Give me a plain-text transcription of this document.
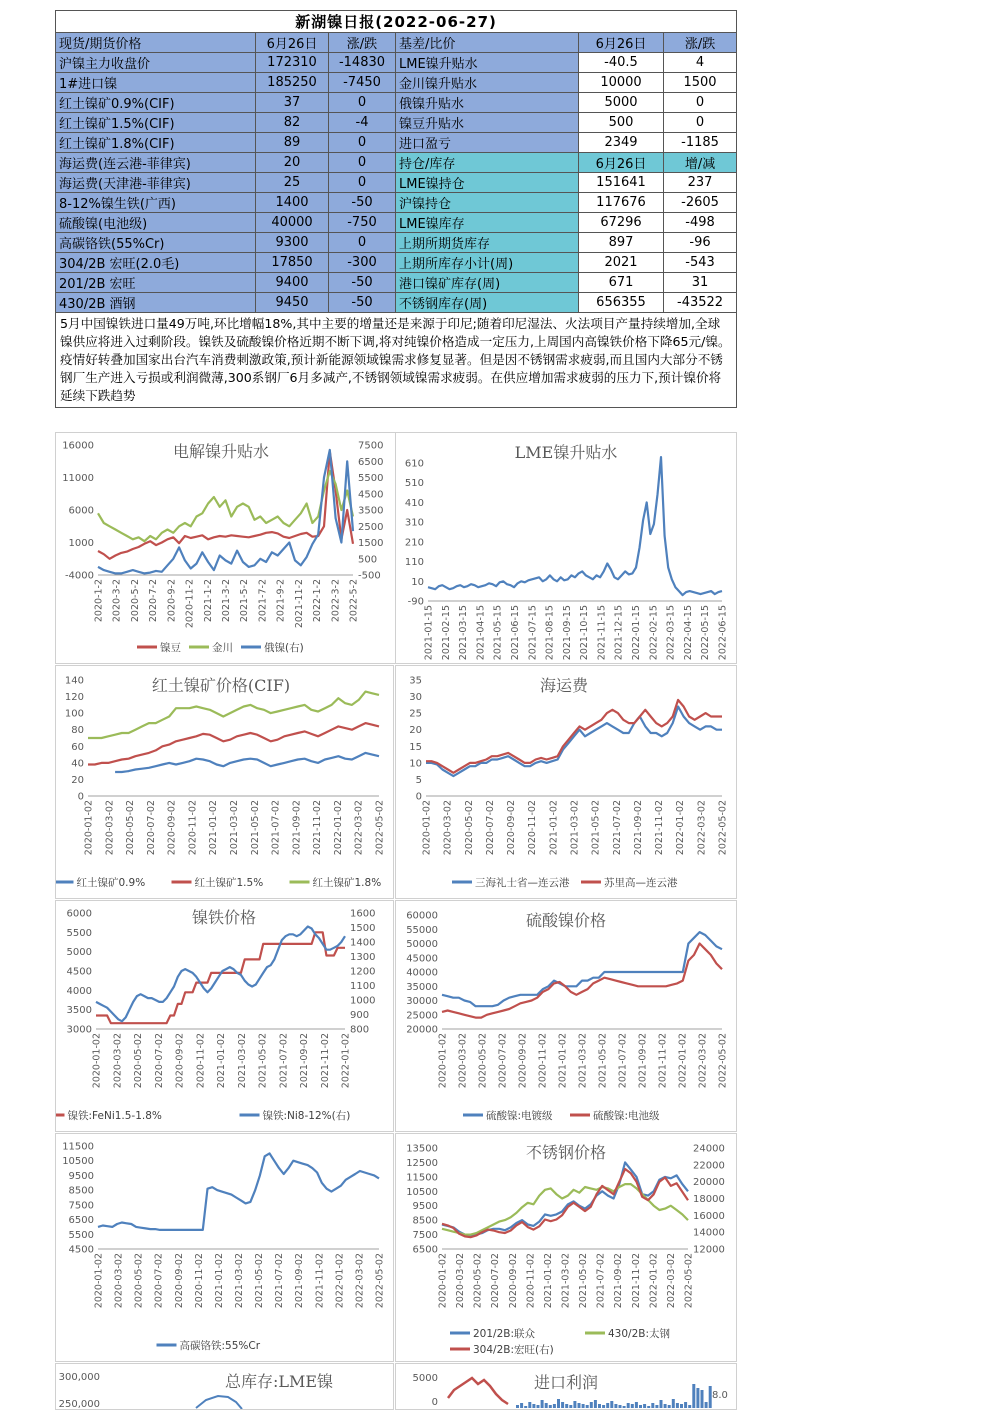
新湖镍日报(2022-06-27)					
现货/期货价格	6月26日	涨/跌	基差/比价	6月26日	涨/跌
沪镍主力收盘价	172310	-14830	LME镍升贴水	-40.5	4
1#进口镍	185250	-7450	金川镍升贴水	10000	1500
红土镍矿0.9%(CIF)	37	0	俄镍升贴水	5000	0
红土镍矿1.5%(CIF)	82	-4	镍豆升贴水	500	0
红土镍矿1.8%(CIF)	89	0	进口盈亏	2349	-1185
海运费(连云港-菲律宾)	20	0	持仓/库存	6月26日	增/减
海运费(天津港-菲律宾)	25	0	LME镍持仓	151641	237
8-12%镍生铁(广西)	1400	-50	沪镍持仓	117676	-2605
硫酸镍(电池级)	40000	-750	LME镍库存	67296	-498
高碳铬铁(55%Cr)	9300	0	上期所期货库存	897	-96
304/2B 宏旺(2.0毛)	17850	-300	上期所库存小计(周)	2021	-543
201/2B 宏旺	9400	-50	港口镍矿库存(周)	671	31
430/2B 酒钢	9450	-50	不锈钢库存(周)	656355	-43522
5月中国镍铁进口量49万吨,环比增幅18%,其中主要的增量还是来源于印尼;随着印尼湿法、火法项目产量持续增加,全球镍供应将进入过剩阶段。镍铁及硫酸镍价格近期不断下调,将对纯镍价格造成一定压力,上周国内高镍铁价格下降65元/镍。疫情好转叠加国家出台汽车消费刺激政策,预计新能源领域镍需求修复显著。但是因不锈钢需求疲弱,而且国内大部分不锈钢厂生产进入亏损或利润微薄,300系钢厂6月多减产,不锈钢领域镍需求疲弱。在供应增加需求疲弱的压力下,预计镍价将延续下跌趋势					
电解镍升贴水
-4000
1000
6000
11000
16000
-500
500
1500
2500
3500
4500
5500
6500
7500
2020-1-2 2020-3-2 2020-5-2 2020-7-2 2020-9-2 2020-11-2 2021-1-2 2021-3-2 2021-5-2 2021-7-2 2021-9-2 2021-11-2 2022-1-2 2022-3-2 2022-5-2
镍豆	金川	俄镍(右)
LME镍升贴水
-90
10
110
210
310
410
510
610
2021-01-15 2021-02-15 2021-03-15 2021-04-15 2021-05-15 2021-06-15 2021-07-15 2021-08-15 2021-09-15 2021-10-15 2021-11-15 2021-12-15 2022-01-15 2022-02-15 2022-03-15 2022-04-15 2022-05-15 2022-06-15
红土镍矿价格(CIF)
0
20
40
60
80
100
120
140
2020-01-02 2020-03-02 2020-05-02 2020-07-02 2020-09-02 2020-11-02 2021-01-02 2021-03-02 2021-05-02 2021-07-02 2021-09-02 2021-11-02 2022-01-02 2022-03-02 2022-05-02
红土镍矿0.9%	红土镍矿1.5%	红土镍矿1.8%
海运费
0
5
10
15
20
25
30
35
2020-01-02 2020-03-02 2020-05-02 2020-07-02 2020-09-02 2020-11-02 2021-01-02 2021-03-02 2021-05-02 2021-07-02 2021-09-02 2021-11-02 2022-01-02 2022-03-02 2022-05-02
三海礼士省—连云港	苏里高—连云港
镍铁价格
3000
3500
4000
4500
5000
5500
6000
800
900
1000
1100
1200
1300
1400
1500
1600
2020-01-02 2020-03-02 2020-05-02 2020-07-02 2020-09-02 2020-11-02 2021-01-02 2021-03-02 2021-05-02 2021-07-02 2021-09-02 2021-11-02 2022-01-02
镍铁:FeNi1.5-1.8%	镍铁:Ni8-12%(右)
硫酸镍价格
20000
25000
30000
35000
40000
45000
50000
55000
60000
2020-01-02 2020-03-02 2020-05-02 2020-07-02 2020-09-02 2020-11-02 2021-01-02 2021-03-02 2021-05-02 2021-07-02 2021-09-02 2021-11-02 2022-01-02 2022-03-02 2022-05-02
硫酸镍:电镀级	硫酸镍:电池级
4500
5500
6500
7500
8500
9500
10500
11500
2020-01-02 2020-03-02 2020-05-02 2020-07-02 2020-09-02 2020-11-02 2021-01-02 2021-03-02 2021-05-02 2021-07-02 2021-09-02 2021-11-02 2022-01-02 2022-03-02 2022-05-02
高碳铬铁:55%Cr
不锈钢价格
6500
7500
8500
9500
10500
11500
12500
13500
12000
14000
16000
18000
20000
22000
24000
2020-01-02 2020-03-02 2020-05-02 2020-07-02 2020-09-02 2020-11-02 2021-01-02 2021-03-02 2021-05-02 2021-07-02 2021-09-02 2021-11-02 2022-01-02 2022-03-02 2022-05-02
201/2B:联众	430/2B:太钢
304/2B:宏旺(右)
总库存:LME镍
300,000
250,000
进口利润
5000
0
8.0
